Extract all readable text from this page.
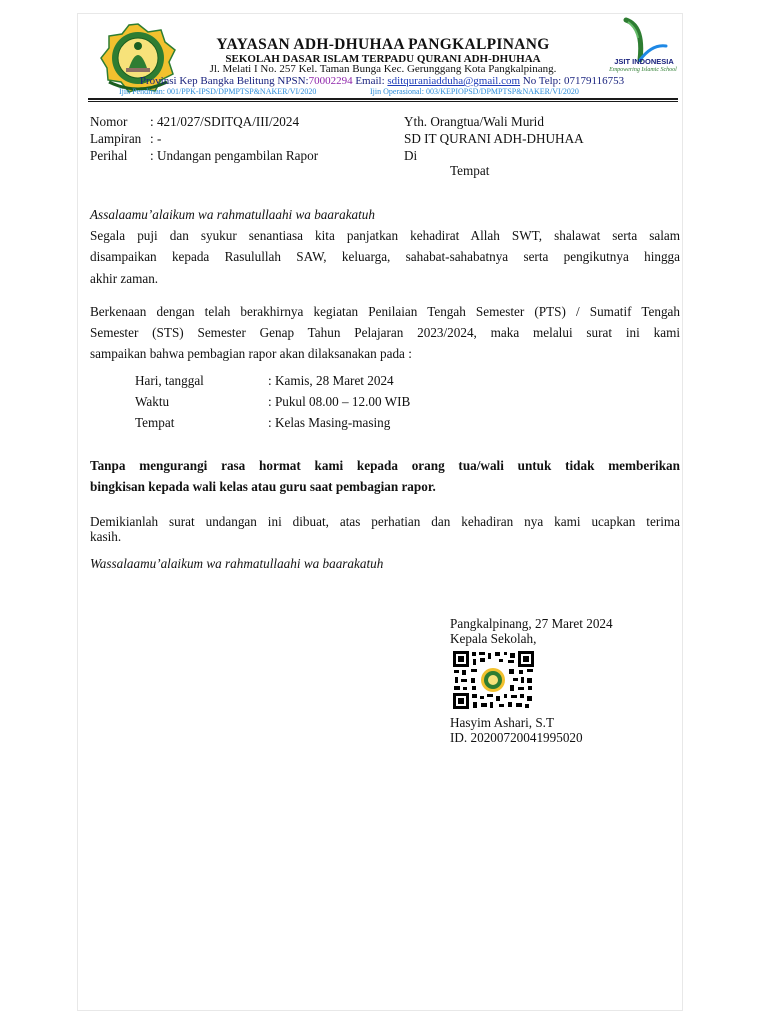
JSIT INDONESIA
Empowering Islamic School
YAYASAN ADH-DHUHAA PANGKALPINANG
SEKOLAH DASAR ISLAM TERPADU QURANI ADH-DHUHAA
Jl. Melati I No. 257 Kel. Taman Bunga Kec. Gerunggang Kota Pangkalpinang.
Provinsi Kep Bangka Belitung NPSN:70002294 Email: sditquraniadduha@gmail.com No Telp: 07179116753
Ijin Pendirian: 001/PPK-IPSD/DPMPTSP&NAKER/VI/2020	Ijin Operasional: 003/KEPIOPSD/DPMPTSP&NAKER/VI/2020
Nomor : 421/027/SDITQA/III/2024
Lampiran : -
Perihal : Undangan pengambilan Rapor
Yth. Orangtua/Wali Murid
SD IT QURANI ADH-DHUHAA
Di
Tempat
Assalaamu’alaikum wa rahmatullaahi wa baarakatuh
Segala puji dan syukur senantiasa kita panjatkan kehadirat Allah SWT, shalawat serta salam
disampaikan kepada Rasulullah SAW, keluarga, sahabat-sahabatnya serta pengikutnya hingga
akhir zaman.
Berkenaan dengan telah berakhirnya kegiatan Penilaian Tengah Semester (PTS) / Sumatif Tengah
Semester (STS) Semester Genap Tahun Pelajaran 2023/2024, maka melalui surat ini kami
sampaikan bahwa pembagian rapor akan dilaksanakan pada :
Hari, tanggal	: Kamis, 28 Maret 2024
Waktu	: Pukul 08.00 – 12.00 WIB
Tempat	: Kelas Masing-masing
Tanpa mengurangi rasa hormat kami kepada orang tua/wali untuk tidak memberikan
bingkisan kepada wali kelas atau guru saat pembagian rapor.
Demikianlah surat undangan ini dibuat, atas perhatian dan kehadiran nya kami ucapkan terima
kasih.
Wassalaamu’alaikum wa rahmatullaahi wa baarakatuh
Pangkalpinang, 27 Maret 2024
Kepala Sekolah,
Hasyim Ashari, S.T
ID. 20200720041995020
